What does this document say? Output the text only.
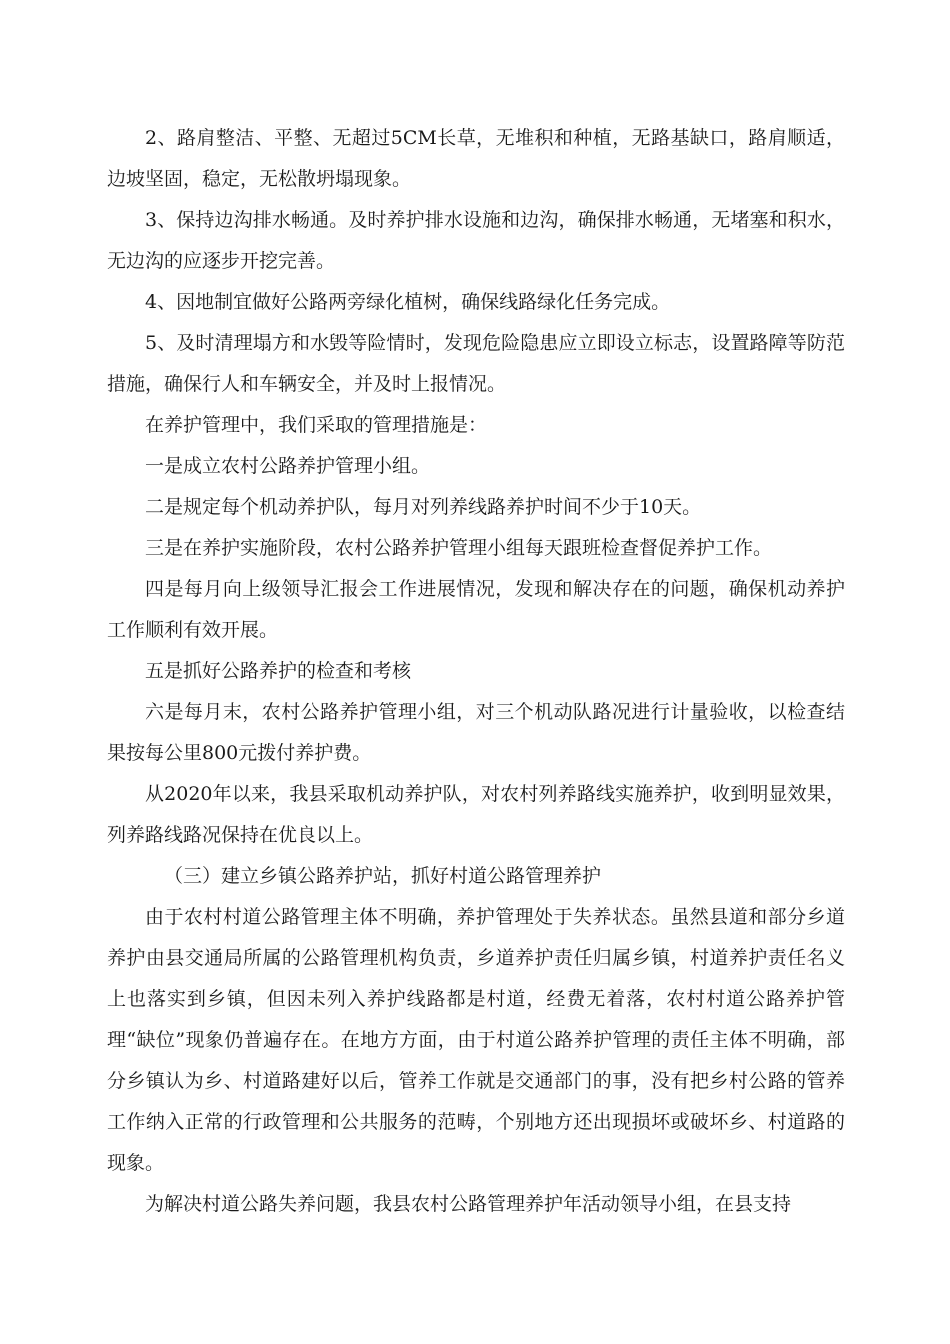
2、路肩整洁、平整、无超过5CM长草，无堆积和种植，无路基缺口，路肩顺适，边坡坚固，稳定，无松散坍塌现象。

3、保持边沟排水畅通。及时养护排水设施和边沟，确保排水畅通，无堵塞和积水，无边沟的应逐步开挖完善。

4、因地制宜做好公路两旁绿化植树，确保线路绿化任务完成。

5、及时清理塌方和水毁等险情时，发现危险隐患应立即设立标志，设置路障等防范措施，确保行人和车辆安全，并及时上报情况。

在养护管理中，我们采取的管理措施是：

一是成立农村公路养护管理小组。

二是规定每个机动养护队，每月对列养线路养护时间不少于10天。

三是在养护实施阶段，农村公路养护管理小组每天跟班检查督促养护工作。

四是每月向上级领导汇报会工作进展情况，发现和解决存在的问题，确保机动养护工作顺利有效开展。

五是抓好公路养护的检查和考核

六是每月末，农村公路养护管理小组，对三个机动队路况进行计量验收，以检查结果按每公里800元拨付养护费。

从2020年以来，我县采取机动养护队，对农村列养路线实施养护，收到明显效果，列养路线路况保持在优良以上。

（三）建立乡镇公路养护站，抓好村道公路管理养护

由于农村村道公路管理主体不明确，养护管理处于失养状态。虽然县道和部分乡道养护由县交通局所属的公路管理机构负责，乡道养护责任归属乡镇，村道养护责任名义上也落实到乡镇，但因未列入养护线路都是村道，经费无着落，农村村道公路养护管理“缺位”现象仍普遍存在。在地方方面，由于村道公路养护管理的责任主体不明确，部分乡镇认为乡、村道路建好以后，管养工作就是交通部门的事，没有把乡村公路的管养工作纳入正常的行政管理和公共服务的范畴，个别地方还出现损坏或破坏乡、村道路的现象。

为解决村道公路失养问题，我县农村公路管理养护年活动领导小组，在县支持
